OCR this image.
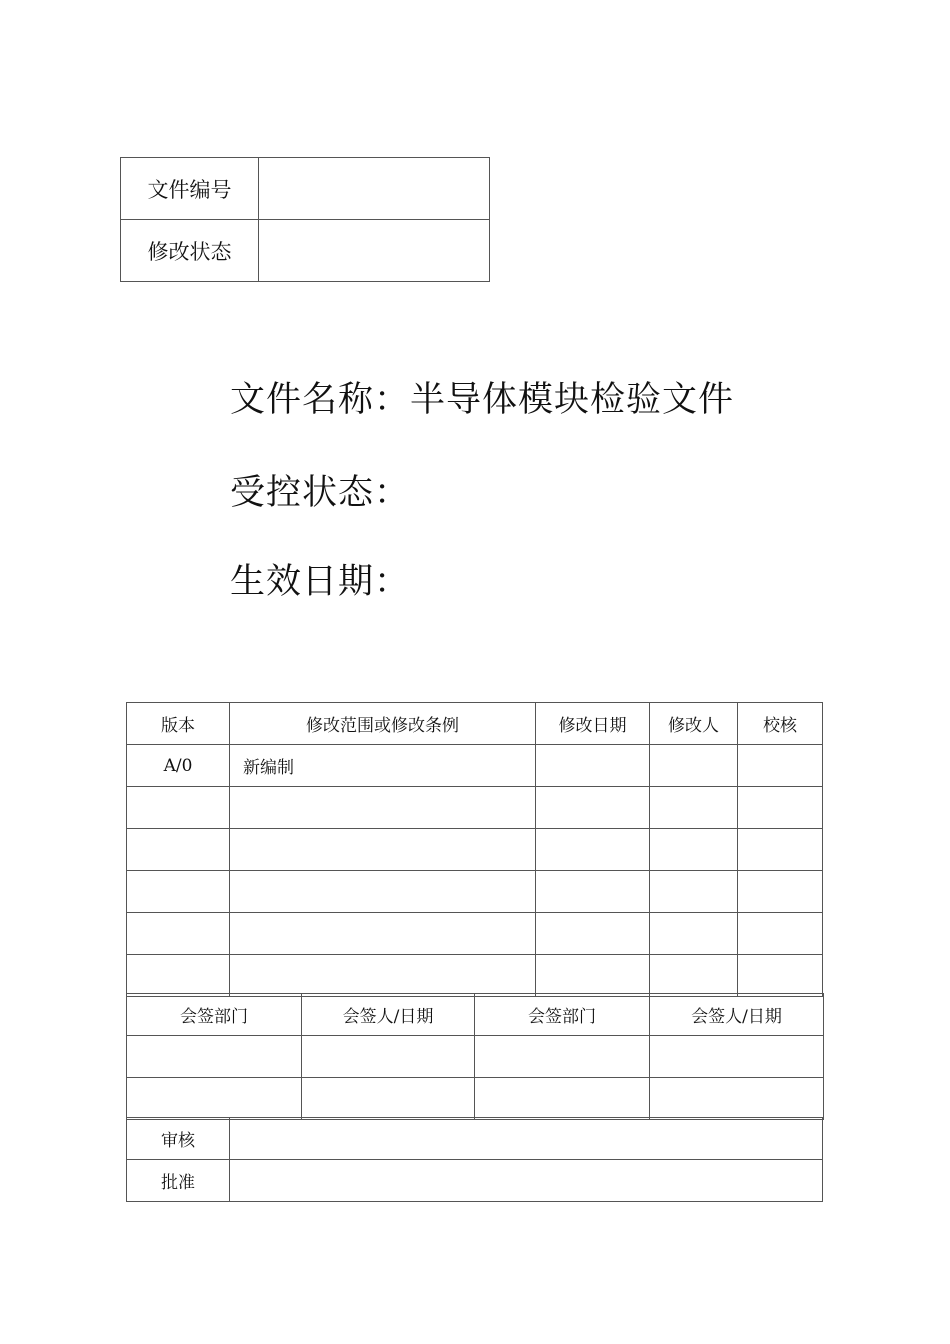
文件编号	
修改状态	
文件名称：半导体模块检验文件
受控状态：
生效日期：
版本	修改范围或修改条例	修改日期	修改人	校核
A/0	新编制			

会签部门	会签人/日期	会签部门	会签人/日期

审核	
批准	
